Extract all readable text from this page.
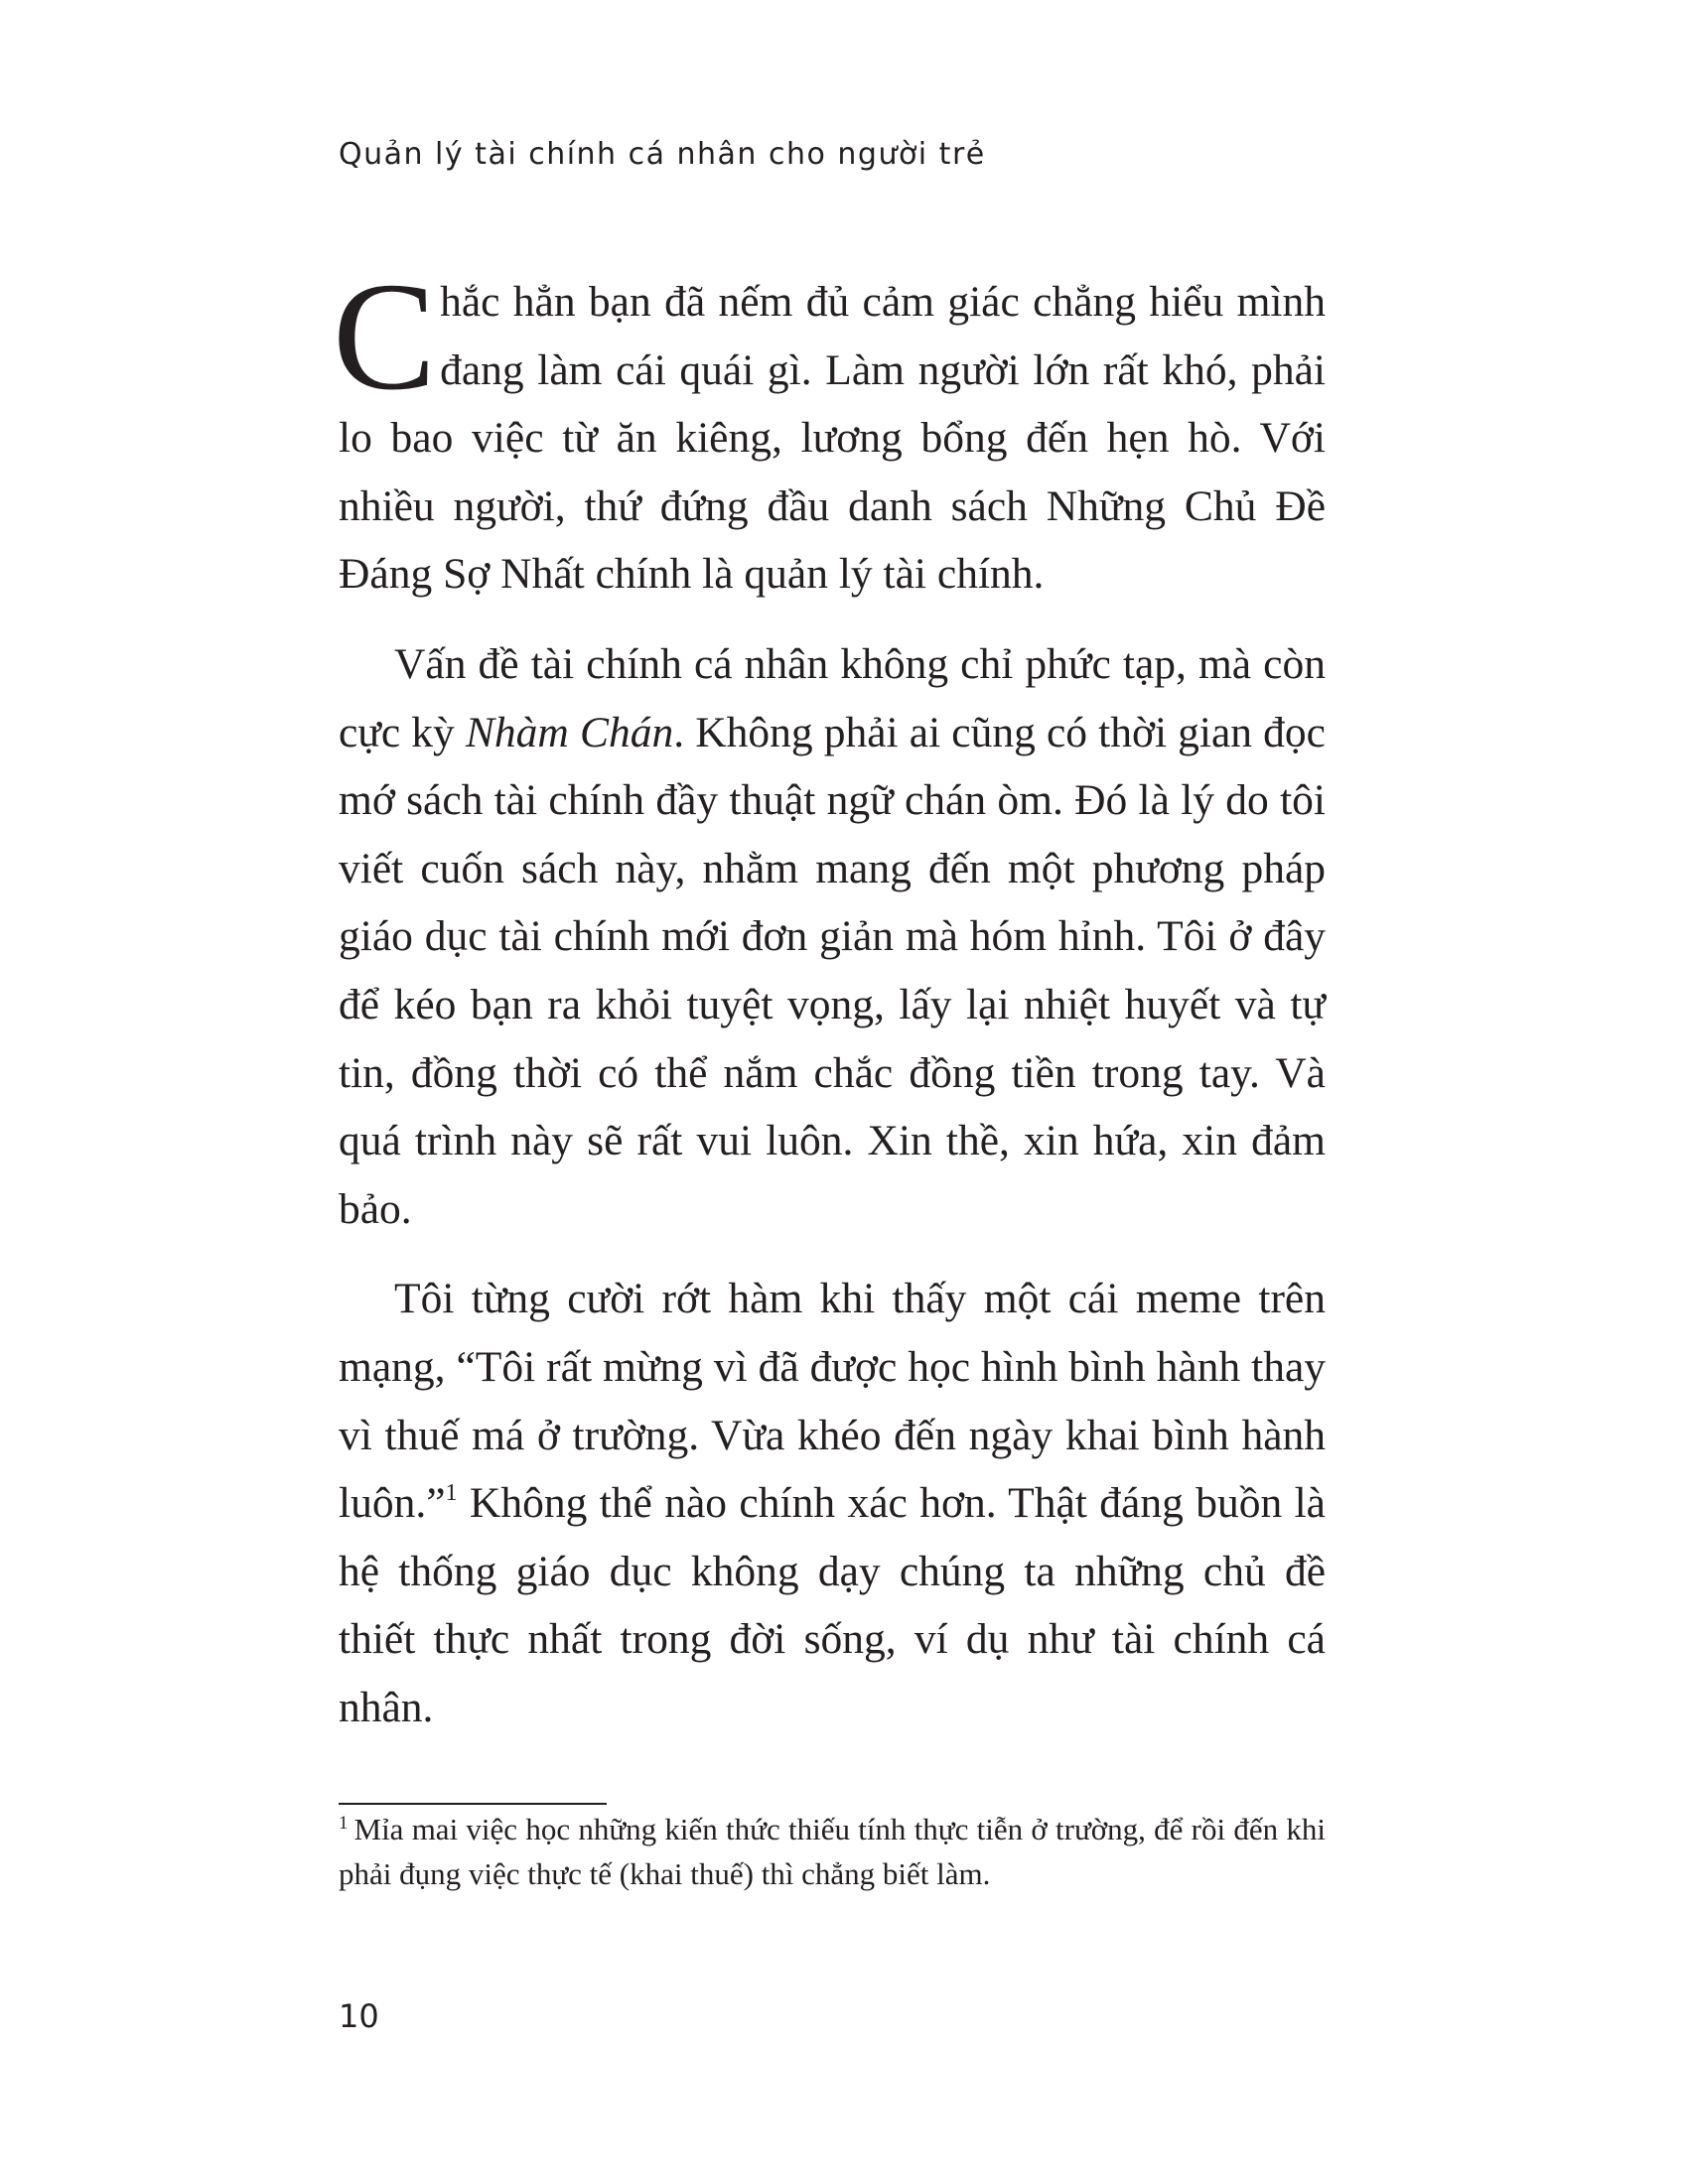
Quản lý tài chính cá nhân cho người trẻ

Chắc hẳn bạn đã nếm đủ cảm giác chẳng hiểu mình đang làm cái quái gì. Làm người lớn rất khó, phải lo bao việc từ ăn kiêng, lương bổng đến hẹn hò. Với nhiều người, thứ đứng đầu danh sách Những Chủ Đề Đáng Sợ Nhất chính là quản lý tài chính.

Vấn đề tài chính cá nhân không chỉ phức tạp, mà còn cực kỳ Nhàm Chán. Không phải ai cũng có thời gian đọc mớ sách tài chính đầy thuật ngữ chán òm. Đó là lý do tôi viết cuốn sách này, nhằm mang đến một phương pháp giáo dục tài chính mới đơn giản mà hóm hỉnh. Tôi ở đây để kéo bạn ra khỏi tuyệt vọng, lấy lại nhiệt huyết và tự tin, đồng thời có thể nắm chắc đồng tiền trong tay. Và quá trình này sẽ rất vui luôn. Xin thề, xin hứa, xin đảm bảo.

Tôi từng cười rớt hàm khi thấy một cái meme trên mạng, “Tôi rất mừng vì đã được học hình bình hành thay vì thuế má ở trường. Vừa khéo đến ngày khai bình hành luôn.”$^1$ Không thể nào chính xác hơn. Thật đáng buồn là hệ thống giáo dục không dạy chúng ta những chủ đề thiết thực nhất trong đời sống, ví dụ như tài chính cá nhân.

$^1$ Mỉa mai việc học những kiến thức thiếu tính thực tiễn ở trường, để rồi đến khi phải đụng việc thực tế (khai thuế) thì chẳng biết làm.
10
